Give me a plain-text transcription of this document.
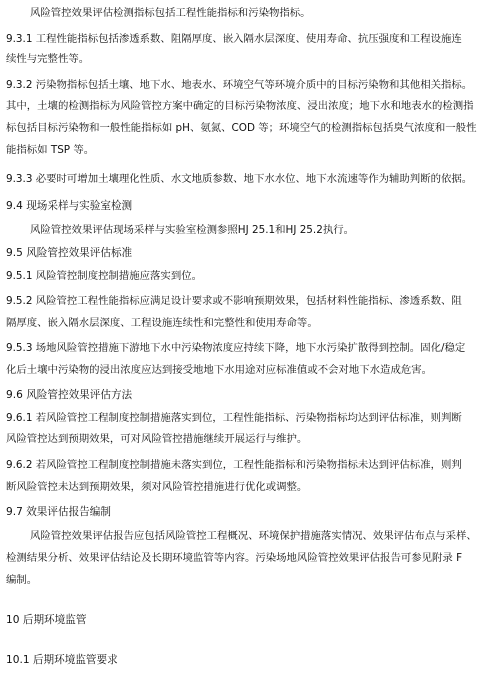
风险管控效果评估检测指标包括工程性能指标和污染物指标。
9.3.1 工程性能指标包括渗透系数、阻隔厚度、嵌入隔水层深度、使用寿命、抗压强度和工程设施连
续性与完整性等。
9.3.2 污染物指标包括土壤、地下水、地表水、环境空气等环境介质中的目标污染物和其他相关指标。
其中，土壤的检测指标为风险管控方案中确定的目标污染物浓度、浸出浓度；地下水和地表水的检测指
标包括目标污染物和一般性能指标如 pH、氨氮、COD 等；环境空气的检测指标包括臭气浓度和一般性
能指标如 TSP 等。
9.3.3 必要时可增加土壤理化性质、水文地质参数、地下水水位、地下水流速等作为辅助判断的依据。
9.4 现场采样与实验室检测
风险管控效果评估现场采样与实验室检测参照HJ 25.1和HJ 25.2执行。
9.5 风险管控效果评估标准
9.5.1 风险管控制度控制措施应落实到位。
9.5.2 风险管控工程性能指标应满足设计要求或不影响预期效果，包括材料性能指标、渗透系数、阻
隔厚度、嵌入隔水层深度、工程设施连续性和完整性和使用寿命等。
9.5.3 场地风险管控措施下游地下水中污染物浓度应持续下降，地下水污染扩散得到控制。固化/稳定
化后土壤中污染物的浸出浓度应达到接受地地下水用途对应标准值或不会对地下水造成危害。
9.6 风险管控效果评估方法
9.6.1 若风险管控工程制度控制措施落实到位，工程性能指标、污染物指标均达到评估标准，则判断
风险管控达到预期效果，可对风险管控措施继续开展运行与维护。
9.6.2 若风险管控工程制度控制措施未落实到位，工程性能指标和污染物指标未达到评估标准，则判
断风险管控未达到预期效果，须对风险管控措施进行优化或调整。
9.7 效果评估报告编制
风险管控效果评估报告应包括风险管控工程概况、环境保护措施落实情况、效果评估布点与采样、
检测结果分析、效果评估结论及长期环境监管等内容。污染场地风险管控效果评估报告可参见附录 F
编制。
10 后期环境监管
10.1 后期环境监管要求
